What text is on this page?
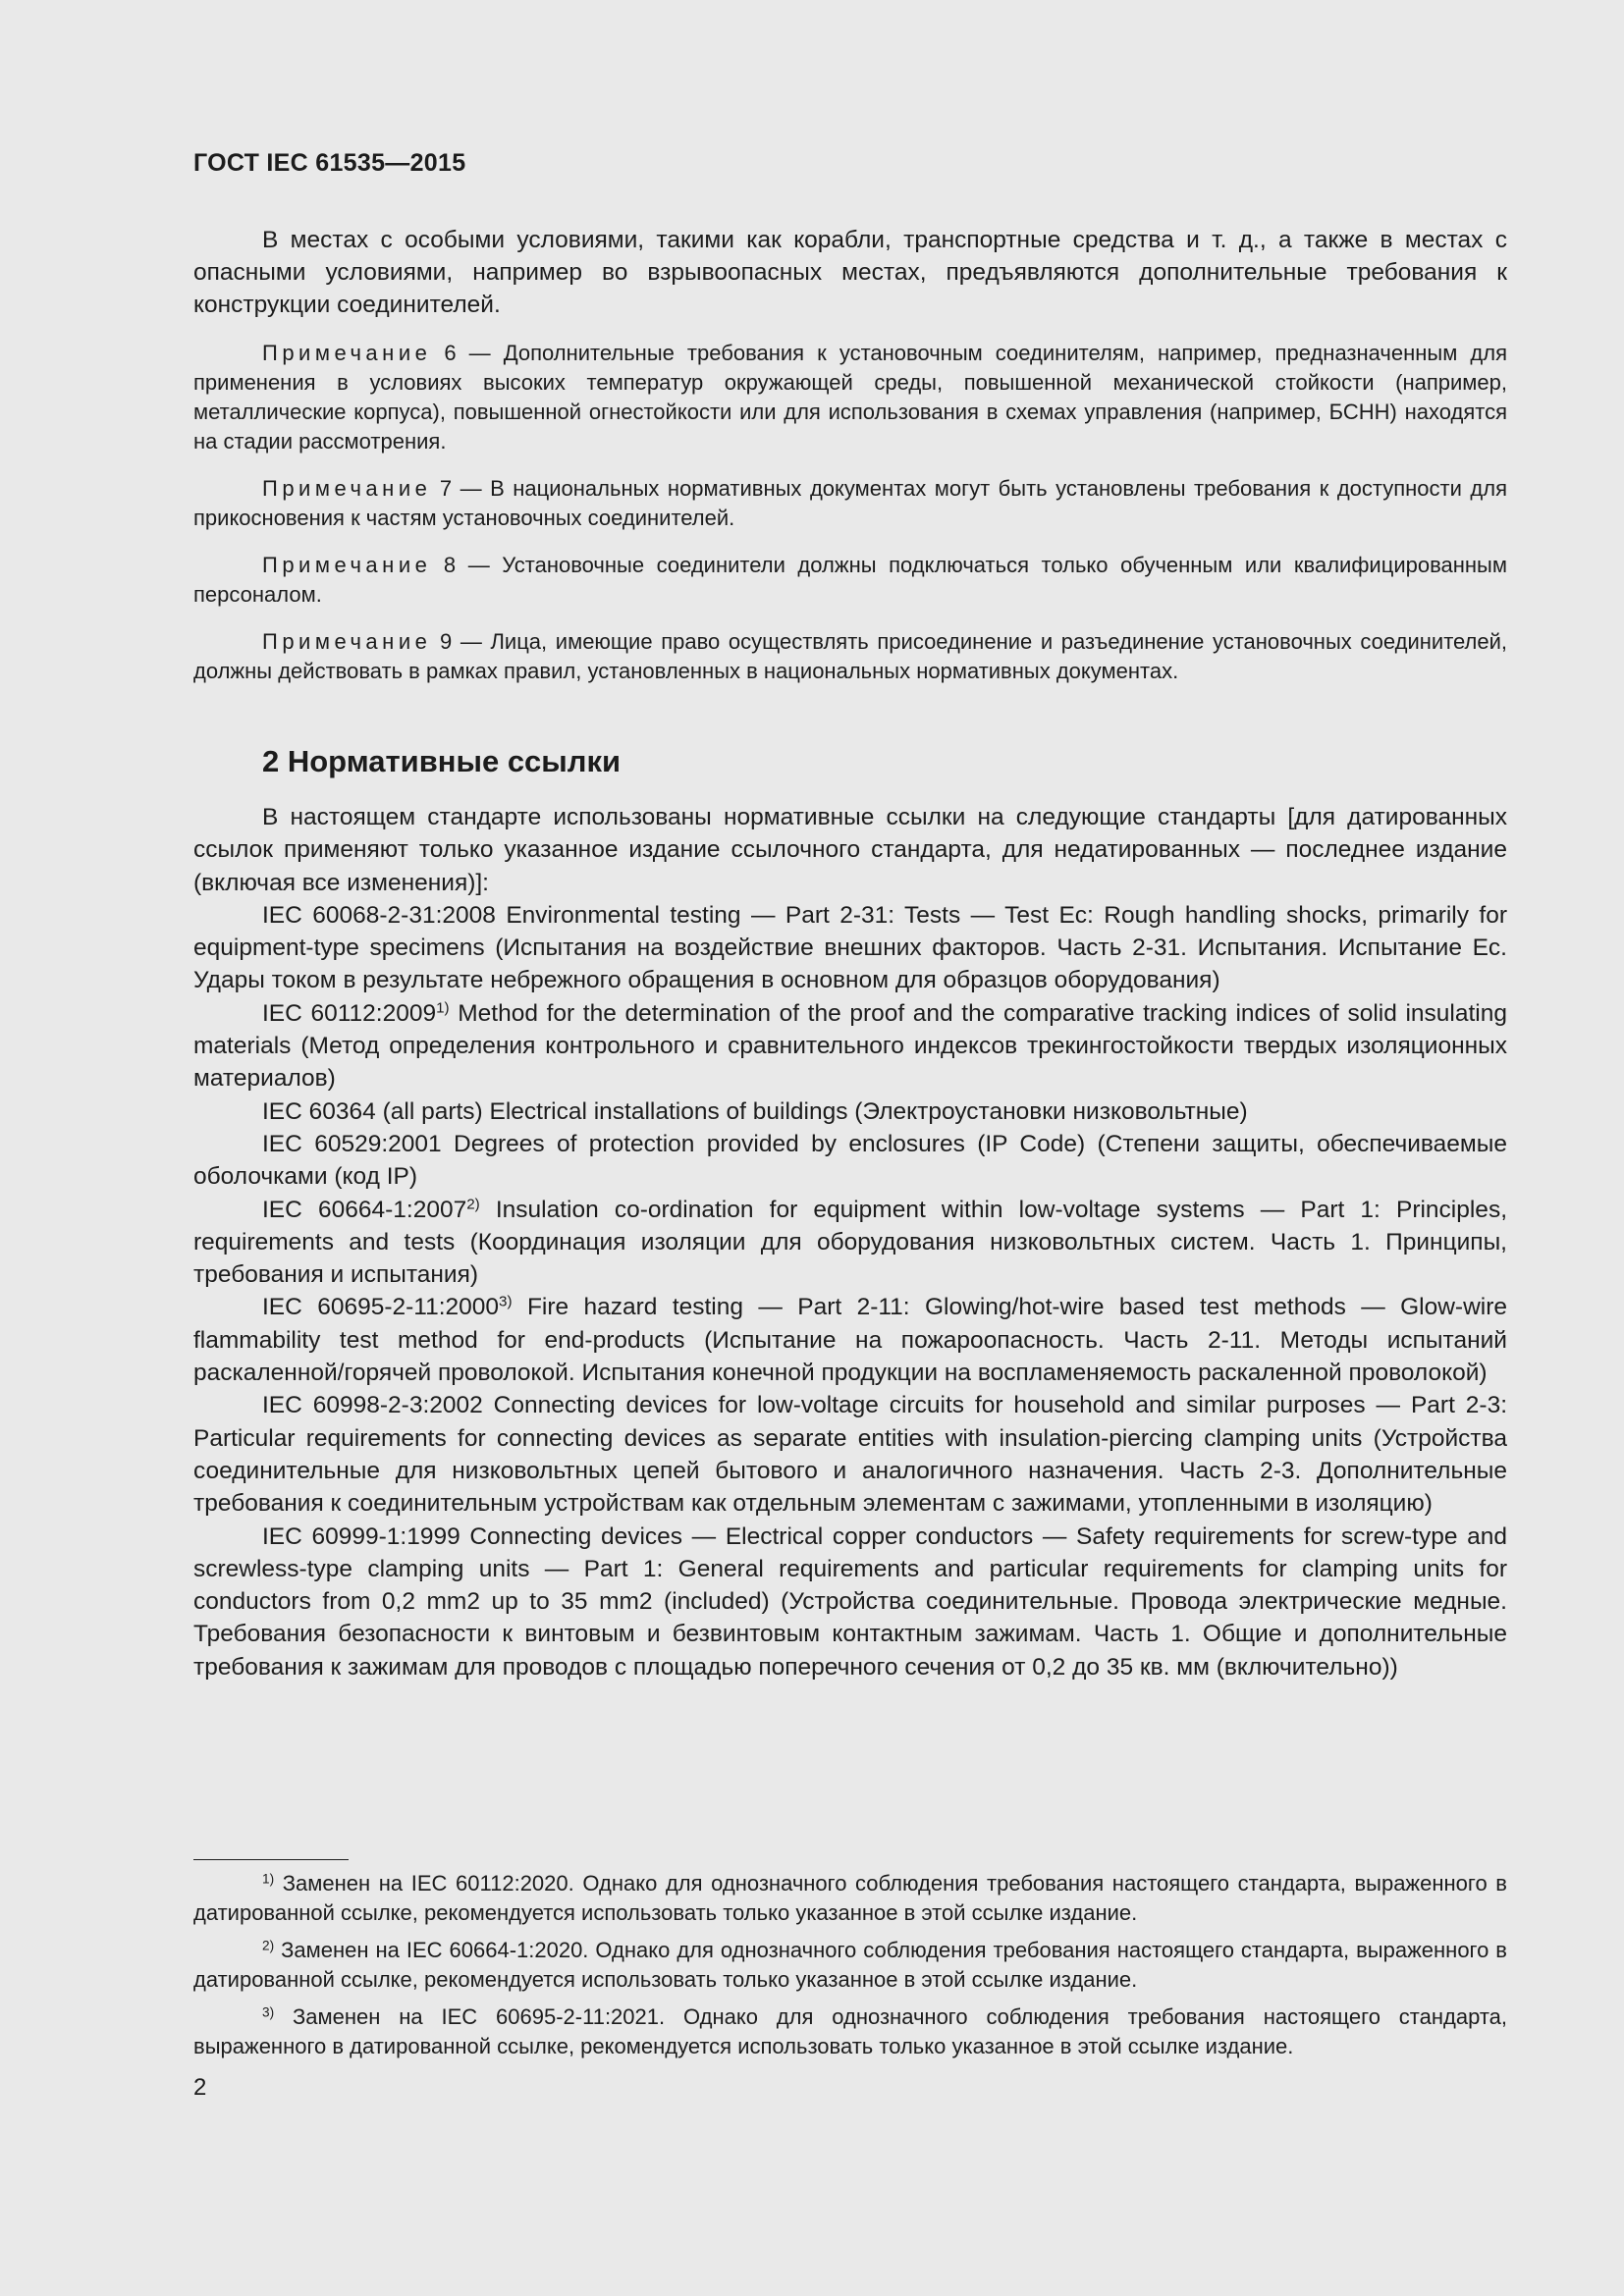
ГОСТ IEC 61535—2015

В местах с особыми условиями, такими как корабли, транспортные средства и т. д., а также в местах с опасными условиями, например во взрывоопасных местах, предъявляются дополнительные требования к конструкции соединителей.

Примечание 6 — Дополнительные требования к установочным соединителям, например, предназначенным для применения в условиях высоких температур окружающей среды, повышенной механической стойкости (например, металлические корпуса), повышенной огнестойкости или для использования в схемах управления (например, БСНН) находятся на стадии рассмотрения.

Примечание 7 — В национальных нормативных документах могут быть установлены требования к доступности для прикосновения к частям установочных соединителей.

Примечание 8 — Установочные соединители должны подключаться только обученным или квалифицированным персоналом.

Примечание 9 — Лица, имеющие право осуществлять присоединение и разъединение установочных соединителей, должны действовать в рамках правил, установленных в национальных нормативных документах.

2 Нормативные ссылки

В настоящем стандарте использованы нормативные ссылки на следующие стандарты [для датированных ссылок применяют только указанное издание ссылочного стандарта, для недатированных — последнее издание (включая все изменения)]:

IEC 60068-2-31:2008 Environmental testing — Part 2-31: Tests — Test Ec: Rough handling shocks, primarily for equipment-type specimens (Испытания на воздействие внешних факторов. Часть 2-31. Испытания. Испытание Ec. Удары током в результате небрежного обращения в основном для образцов оборудования)

IEC 60112:2009$^{1)}$ Method for the determination of the proof and the comparative tracking indices of solid insulating materials (Метод определения контрольного и сравнительного индексов трекингостойкости твердых изоляционных материалов)

IEC 60364 (all parts) Electrical installations of buildings (Электроустановки низковольтные)

IEC 60529:2001 Degrees of protection provided by enclosures (IP Code) (Степени защиты, обеспечиваемые оболочками (код IP)

IEC 60664-1:2007$^{2)}$ Insulation co-ordination for equipment within low-voltage systems — Part 1: Principles, requirements and tests (Координация изоляции для оборудования низковольтных систем. Часть 1. Принципы, требования и испытания)

IEC 60695-2-11:2000$^{3)}$ Fire hazard testing — Part 2-11: Glowing/hot-wire based test methods — Glow-wire flammability test method for end-products (Испытание на пожароопасность. Часть 2-11. Методы испытаний раскаленной/горячей проволокой. Испытания конечной продукции на воспламеняемость раскаленной проволокой)

IEC 60998-2-3:2002 Connecting devices for low-voltage circuits for household and similar purposes — Part 2-3: Particular requirements for connecting devices as separate entities with insulation-piercing clamping units (Устройства соединительные для низковольтных цепей бытового и аналогичного назначения. Часть 2-3. Дополнительные требования к соединительным устройствам как отдельным элементам с зажимами, утопленными в изоляцию)

IEC 60999-1:1999 Connecting devices — Electrical copper conductors — Safety requirements for screw-type and screwless-type clamping units — Part 1: General requirements and particular requirements for clamping units for conductors from 0,2 mm2 up to 35 mm2 (included) (Устройства соединительные. Провода электрические медные. Требования безопасности к винтовым и безвинтовым контактным зажимам. Часть 1. Общие и дополнительные требования к зажимам для проводов с площадью поперечного сечения от 0,2 до 35 кв. мм (включительно))

$^{1)}$ Заменен на IEC 60112:2020. Однако для однозначного соблюдения требования настоящего стандарта, выраженного в датированной ссылке, рекомендуется использовать только указанное в этой ссылке издание.

$^{2)}$ Заменен на IEC 60664-1:2020. Однако для однозначного соблюдения требования настоящего стандарта, выраженного в датированной ссылке, рекомендуется использовать только указанное в этой ссылке издание.

$^{3)}$ Заменен на IEC 60695-2-11:2021. Однако для однозначного соблюдения требования настоящего стандарта, выраженного в датированной ссылке, рекомендуется использовать только указанное в этой ссылке издание.

2
